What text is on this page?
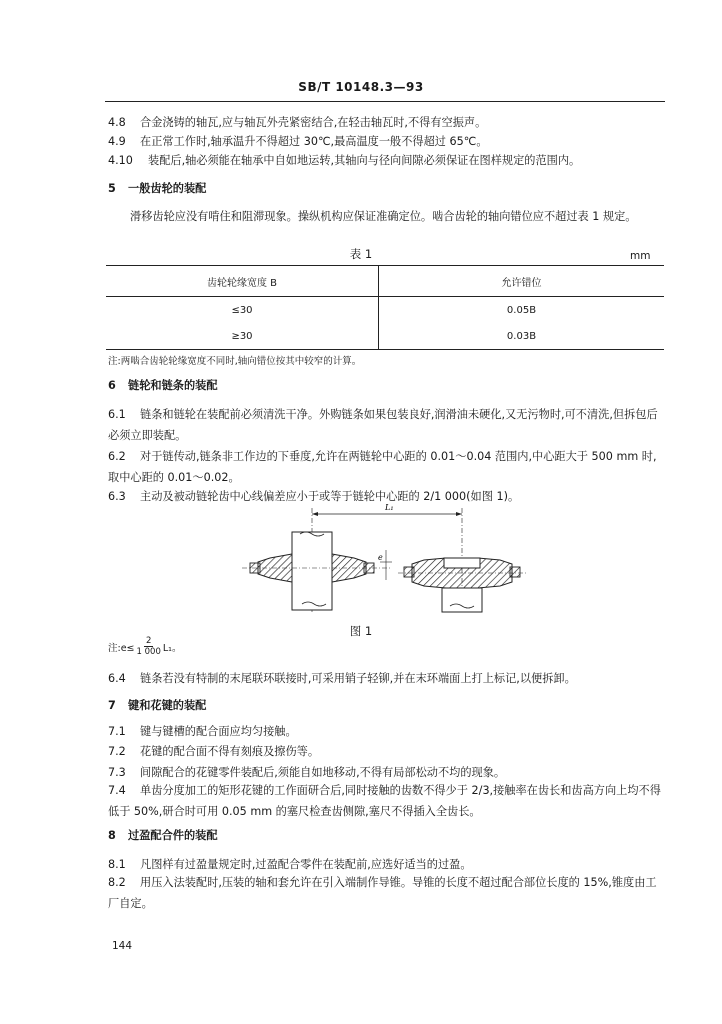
SB/T 10148.3—93
4.8 合金浇铸的轴瓦,应与轴瓦外壳紧密结合,在轻击轴瓦时,不得有空振声。
4.9 在正常工作时,轴承温升不得超过 30℃,最高温度一般不得超过 65℃。
4.10 装配后,轴必须能在轴承中自如地运转,其轴向与径向间隙必须保证在图样规定的范围内。
5 一般齿轮的装配
滑移齿轮应没有啃住和阻滞现象。操纵机构应保证准确定位。啮合齿轮的轴向错位应不超过表 1 规定。
表 1	mm
齿轮轮缘宽度 B	允许错位
≤30	0.05B
≥30	0.03B
注:两啮合齿轮轮缘宽度不同时,轴向错位按其中较窄的计算。
6 链轮和链条的装配
6.1 链条和链轮在装配前必须清洗干净。外购链条如果包装良好,润滑油未硬化,又无污物时,可不清洗,但拆包后必须立即装配。
6.2 对于链传动,链条非工作边的下垂度,允许在两链轮中心距的 0.01～0.04 范围内,中心距大于 500 mm 时,取中心距的 0.01～0.02。
6.3 主动及被动链轮齿中心线偏差应小于或等于链轮中心距的 2/1 000(如图 1)。
L₁
e
图 1
注:e≤ $\frac{2}{1 000} L_1$。
6.4 链条若没有特制的末尾联环联接时,可采用销子轻铆,并在末环端面上打上标记,以便拆卸。
7 键和花键的装配
7.1 键与键槽的配合面应均匀接触。
7.2 花键的配合面不得有刻痕及擦伤等。
7.3 间隙配合的花键零件装配后,须能自如地移动,不得有局部松动不均的现象。
7.4 单齿分度加工的矩形花键的工作面研合后,同时接触的齿数不得少于 2/3,接触率在齿长和齿高方向上均不得低于 50%,研合时可用 0.05 mm 的塞尺检查齿侧隙,塞尺不得插入全齿长。
8 过盈配合件的装配
8.1 凡图样有过盈量规定时,过盈配合零件在装配前,应选好适当的过盈。
8.2 用压入法装配时,压装的轴和套允许在引入端制作导锥。导锥的长度不超过配合部位长度的 15%,锥度由工厂自定。
144
